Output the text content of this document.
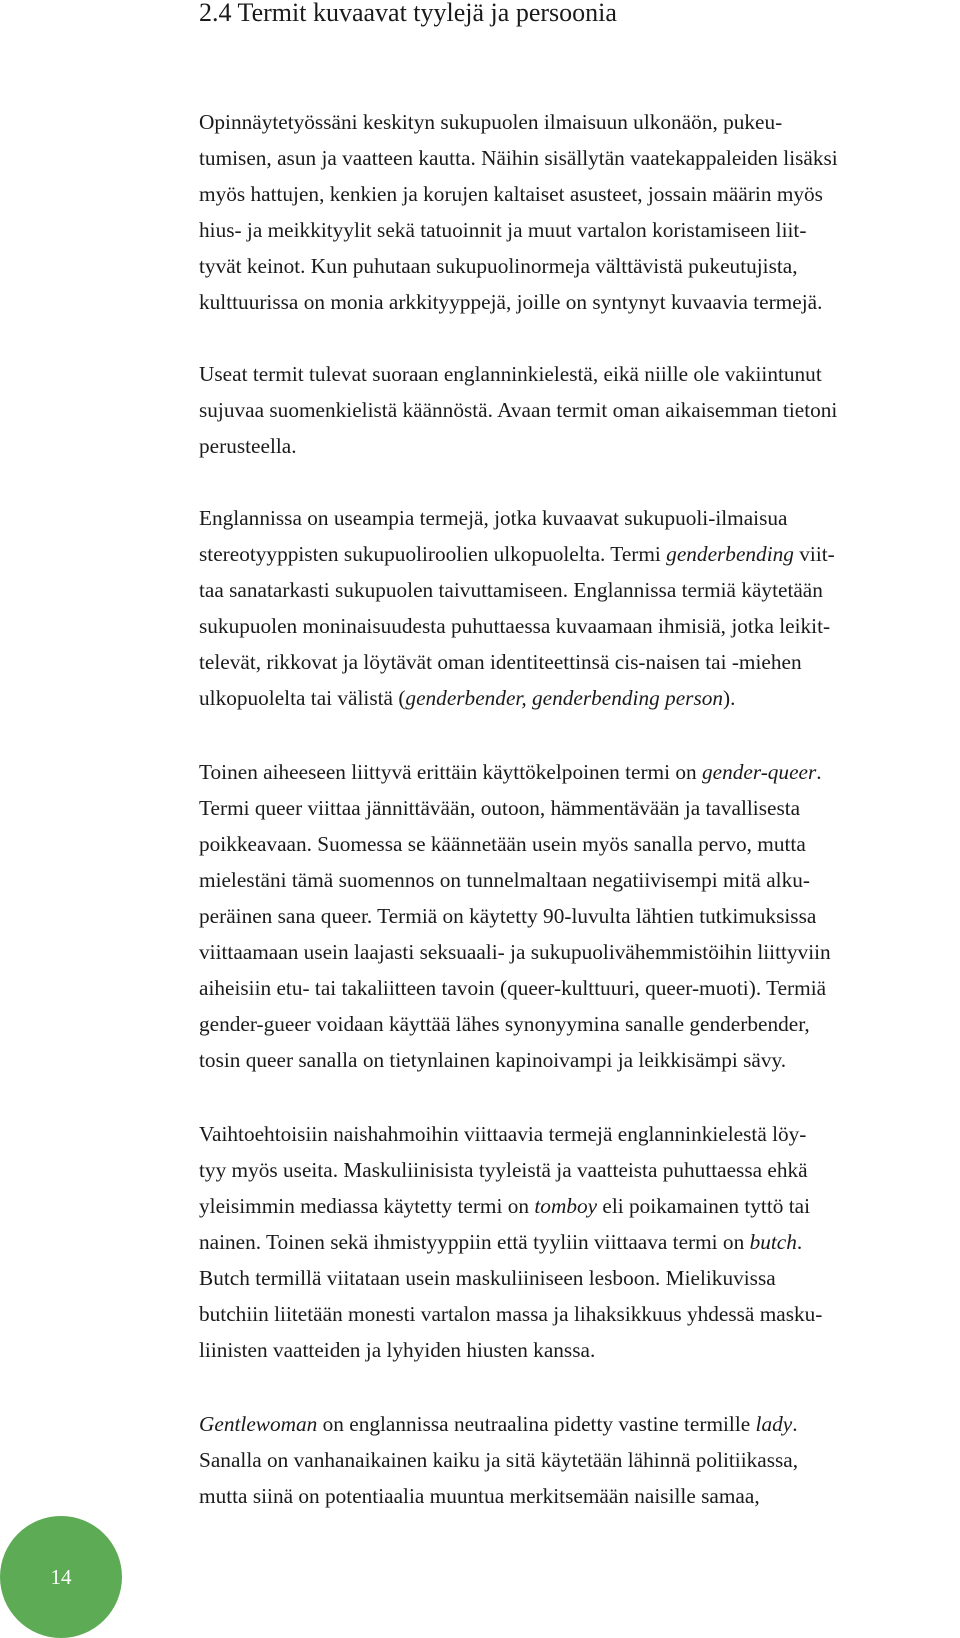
2.4 Termit kuvaavat tyylejä ja persoonia

Opinnäytetyössäni keskityn sukupuolen ilmaisuun ulkonäön, pukeu-
tumisen, asun ja vaatteen kautta. Näihin sisällytän vaatekappaleiden lisäksi
myös hattujen, kenkien ja korujen kaltaiset asusteet, jossain määrin myös
hius- ja meikkityylit sekä tatuoinnit ja muut vartalon koristamiseen liit-
tyvät keinot. Kun puhutaan sukupuolinormeja välttävistä pukeutujista,
kulttuurissa on monia arkkityyppejä, joille on syntynyt kuvaavia termejä.

Useat termit tulevat suoraan englanninkielestä, eikä niille ole vakiintunut
sujuvaa suomenkielistä käännöstä. Avaan termit oman aikaisemman tietoni
perusteella.

Englannissa on useampia termejä, jotka kuvaavat sukupuoli-ilmaisua
stereotyyppisten sukupuoliroolien ulkopuolelta. Termi genderbending viit-
taa sanatarkasti sukupuolen taivuttamiseen. Englannissa termiä käytetään
sukupuolen moninaisuudesta puhuttaessa kuvaamaan ihmisiä, jotka leikit-
televät, rikkovat ja löytävät oman identiteettinsä cis-naisen tai -miehen
ulkopuolelta tai välistä (genderbender, genderbending person).

Toinen aiheeseen liittyvä erittäin käyttökelpoinen termi on gender-queer.
Termi queer viittaa jännittävään, outoon, hämmentävään ja tavallisesta
poikkeavaan. Suomessa se käännetään usein myös sanalla pervo, mutta
mielestäni tämä suomennos on tunnelmaltaan negatiivisempi mitä alku-
peräinen sana queer. Termiä on käytetty 90-luvulta lähtien tutkimuksissa
viittaamaan usein laajasti seksuaali- ja sukupuolivähemmistöihin liittyviin
aiheisiin etu- tai takaliitteen tavoin (queer-kulttuuri, queer-muoti). Termiä
gender-gueer voidaan käyttää lähes synonyymina sanalle genderbender,
tosin queer sanalla on tietynlainen kapinoivampi ja leikkisämpi sävy.

Vaihtoehtoisiin naishahmoihin viittaavia termejä englanninkielestä löy-
tyy myös useita. Maskuliinisista tyyleistä ja vaatteista puhuttaessa ehkä
yleisimmin mediassa käytetty termi on tomboy eli poikamainen tyttö tai
nainen. Toinen sekä ihmistyyppiin että tyyliin viittaava termi on butch.
Butch termillä viitataan usein maskuliiniseen lesboon. Mielikuvissa
butchiin liitetään monesti vartalon massa ja lihaksikkuus yhdessä masku-
liinisten vaatteiden ja lyhyiden hiusten kanssa.

Gentlewoman on englannissa neutraalina pidetty vastine termille lady.
Sanalla on vanhanaikainen kaiku ja sitä käytetään lähinnä politiikassa,
mutta siinä on potentiaalia muuntua merkitsemään naisille samaa,

14
